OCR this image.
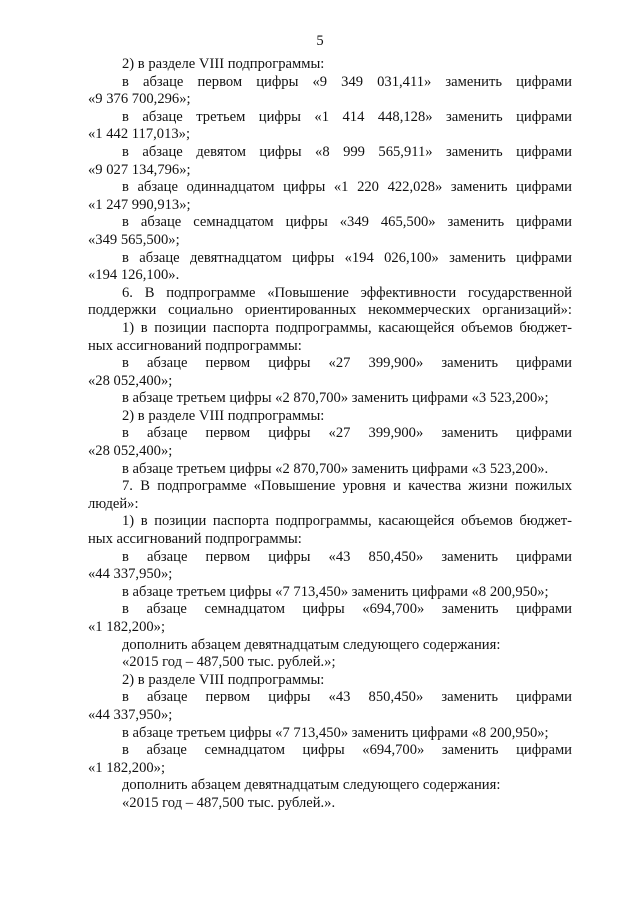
5
2) в разделе VIII подпрограммы:
в абзаце первом цифры «9 349 031,411» заменить цифрами
«9 376 700,296»;
в абзаце третьем цифры «1 414 448,128» заменить цифрами
«1 442 117,013»;
в абзаце девятом цифры «8 999 565,911» заменить цифрами
«9 027 134,796»;
в абзаце одиннадцатом цифры «1 220 422,028» заменить цифрами
«1 247 990,913»;
в абзаце семнадцатом цифры «349 465,500» заменить цифрами
«349 565,500»;
в абзаце девятнадцатом цифры «194 026,100» заменить цифрами
«194 126,100».
6. В подпрограмме «Повышение эффективности государственной
поддержки социально ориентированных некоммерческих организаций»:
1) в позиции паспорта подпрограммы, касающейся объемов бюджет-
ных ассигнований подпрограммы:
в абзаце первом цифры «27 399,900» заменить цифрами
«28 052,400»;
в абзаце третьем цифры «2 870,700» заменить цифрами «3 523,200»;
2) в разделе VIII подпрограммы:
в абзаце первом цифры «27 399,900» заменить цифрами
«28 052,400»;
в абзаце третьем цифры «2 870,700» заменить цифрами «3 523,200».
7. В подпрограмме «Повышение уровня и качества жизни пожилых
людей»:
1) в позиции паспорта подпрограммы, касающейся объемов бюджет-
ных ассигнований подпрограммы:
в абзаце первом цифры «43 850,450» заменить цифрами
«44 337,950»;
в абзаце третьем цифры «7 713,450» заменить цифрами «8 200,950»;
в абзаце семнадцатом цифры «694,700» заменить цифрами
«1 182,200»;
дополнить абзацем девятнадцатым следующего содержания:
«2015 год – 487,500 тыс. рублей.»;
2) в разделе VIII подпрограммы:
в абзаце первом цифры «43 850,450» заменить цифрами
«44 337,950»;
в абзаце третьем цифры «7 713,450» заменить цифрами «8 200,950»;
в абзаце семнадцатом цифры «694,700» заменить цифрами
«1 182,200»;
дополнить абзацем девятнадцатым следующего содержания:
«2015 год – 487,500 тыс. рублей.».
